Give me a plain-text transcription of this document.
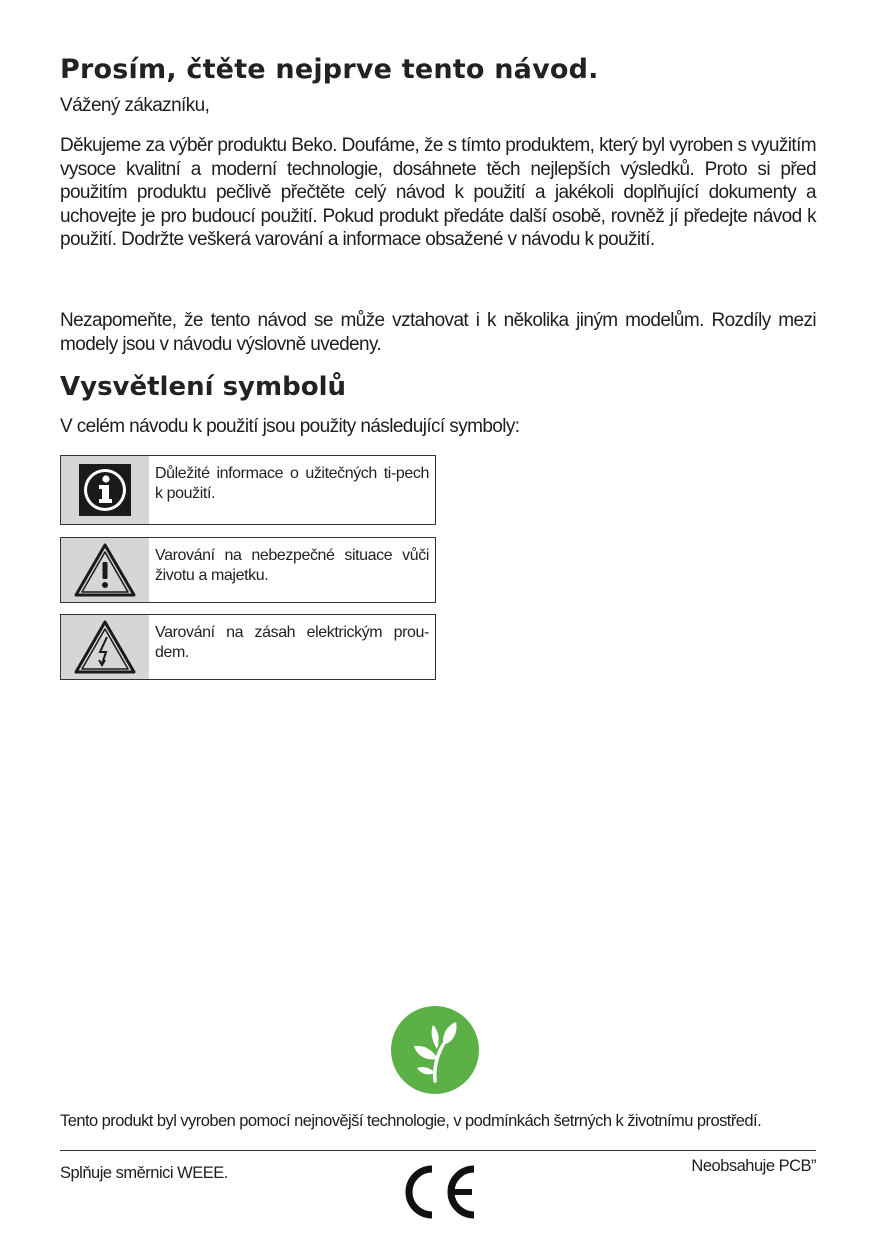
Prosím, čtěte nejprve tento návod.
Vážený zákazníku,

Děkujeme za výběr produktu Beko. Doufáme, že s tímto produktem, který byl vyroben s využitím vysoce kvalitní a moderní technologie, dosáhnete těch nejlepších výsledků. Proto si před použitím produktu pečlivě přečtěte celý návod k použití a jakékoli doplňující dokumenty a uchovejte je pro budoucí použití. Pokud produkt předáte další osobě, rovněž jí předejte návod k použití. Dodržte veškerá varování a informace obsažené v návodu k použití.

Nezapomeňte, že tento návod se může vztahovat i k několika jiným modelům. Rozdíly mezi modely jsou v návodu výslovně uvedeny.

Vysvětlení symbolů
V celém návodu k použití jsou použity následující symboly:
Důležité informace o užitečných ti-pech k použití.
Varování na nebezpečné situace vůči životu a majetku.
Varování na zásah elektrickým prou-dem.
Tento produkt byl vyroben pomocí nejnovější technologie, v podmínkách šetrných k životnímu prostředí.
Splňuje směrnici WEEE.	Neobsahuje PCB”
